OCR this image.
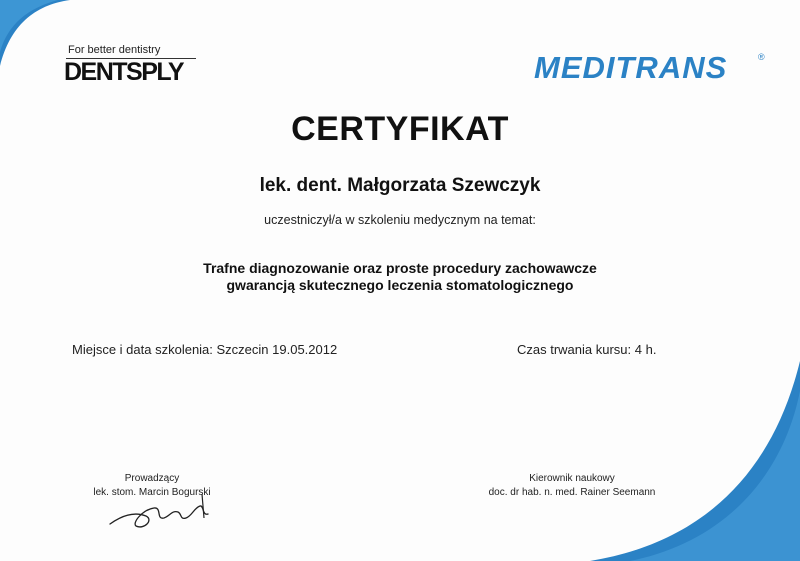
For better dentistry
DENTSPLY	MEDITRANS	®
CERTYFIKAT
lek. dent. Małgorzata Szewczyk
uczestniczył/a w szkoleniu medycznym na temat:
Trafne diagnozowanie oraz proste procedury zachowawcze
gwarancją skutecznego leczenia stomatologicznego
Miejsce i data szkolenia: Szczecin 19.05.2012	Czas trwania kursu: 4 h.
Prowadzący
lek. stom. Marcin Bogurski
Kierownik naukowy
doc. dr hab. n. med. Rainer Seemann
